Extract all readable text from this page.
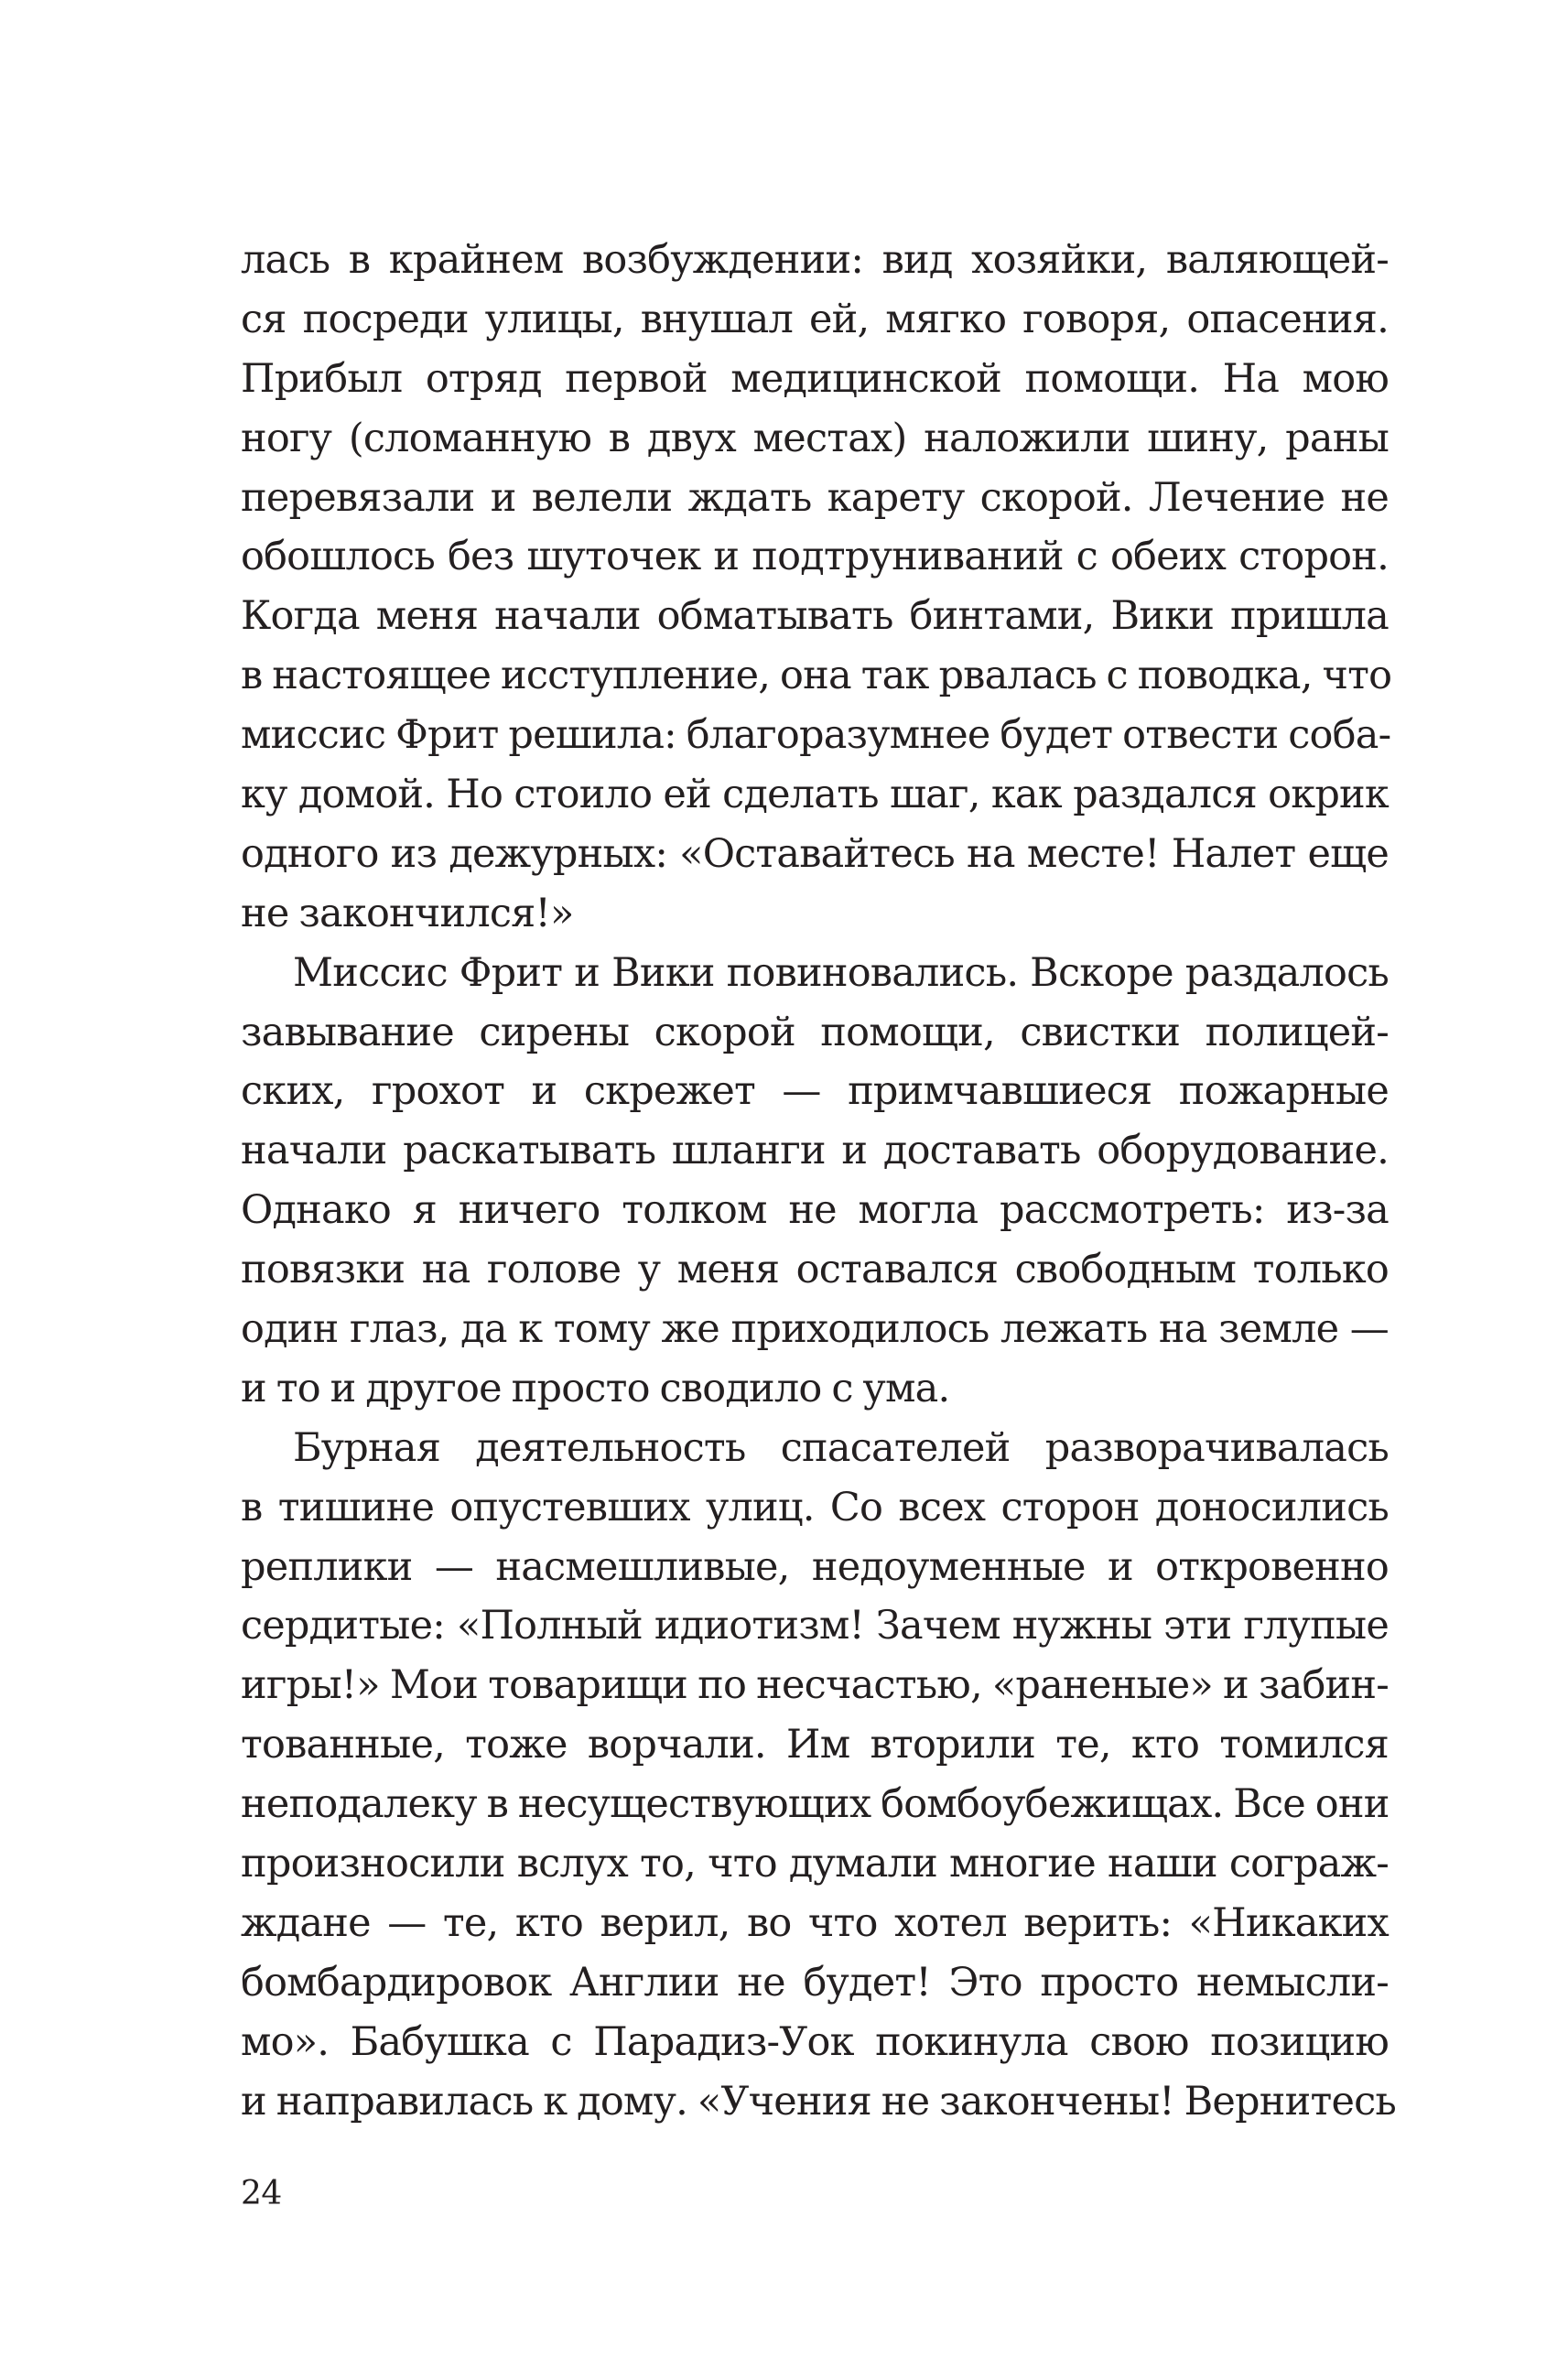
лась в крайнем возбуждении: вид хозяйки, валяющей-
ся посреди улицы, внушал ей, мягко говоря, опасения.
Прибыл отряд первой медицинской помощи. На мою
ногу (сломанную в двух местах) наложили шину, раны
перевязали и велели ждать карету скорой. Лечение не
обошлось без шуточек и подтруниваний с обеих сторон.
Когда меня начали обматывать бинтами, Вики пришла
в настоящее исступление, она так рвалась с поводка, что
миссис Фрит решила: благоразумнее будет отвести соба-
ку домой. Но стоило ей сделать шаг, как раздался окрик
одного из дежурных: «Оставайтесь на месте! Налет еще
не закончился!»

Миссис Фрит и Вики повиновались. Вскоре раздалось
завывание сирены скорой помощи, свистки полицей-
ских, грохот и скрежет — примчавшиеся пожарные
начали раскатывать шланги и доставать оборудование.
Однако я ничего толком не могла рассмотреть: из-за
повязки на голове у меня оставался свободным только
один глаз, да к тому же приходилось лежать на земле —
и то и другое просто сводило с ума.

Бурная деятельность спасателей разворачивалась
в тишине опустевших улиц. Со всех сторон доносились
реплики — насмешливые, недоуменные и откровенно
сердитые: «Полный идиотизм! Зачем нужны эти глупые
игры!» Мои товарищи по несчастью, «раненые» и забин-
тованные, тоже ворчали. Им вторили те, кто томился
неподалеку в несуществующих бомбоубежищах. Все они
произносили вслух то, что думали многие наши сограж-
ждане — те, кто верил, во что хотел верить: «Никаких
бомбардировок Англии не будет! Это просто немысли-
мо». Бабушка с Парадиз-Уок покинула свою позицию
и направилась к дому. «Учения не закончены! Вернитесь

24
